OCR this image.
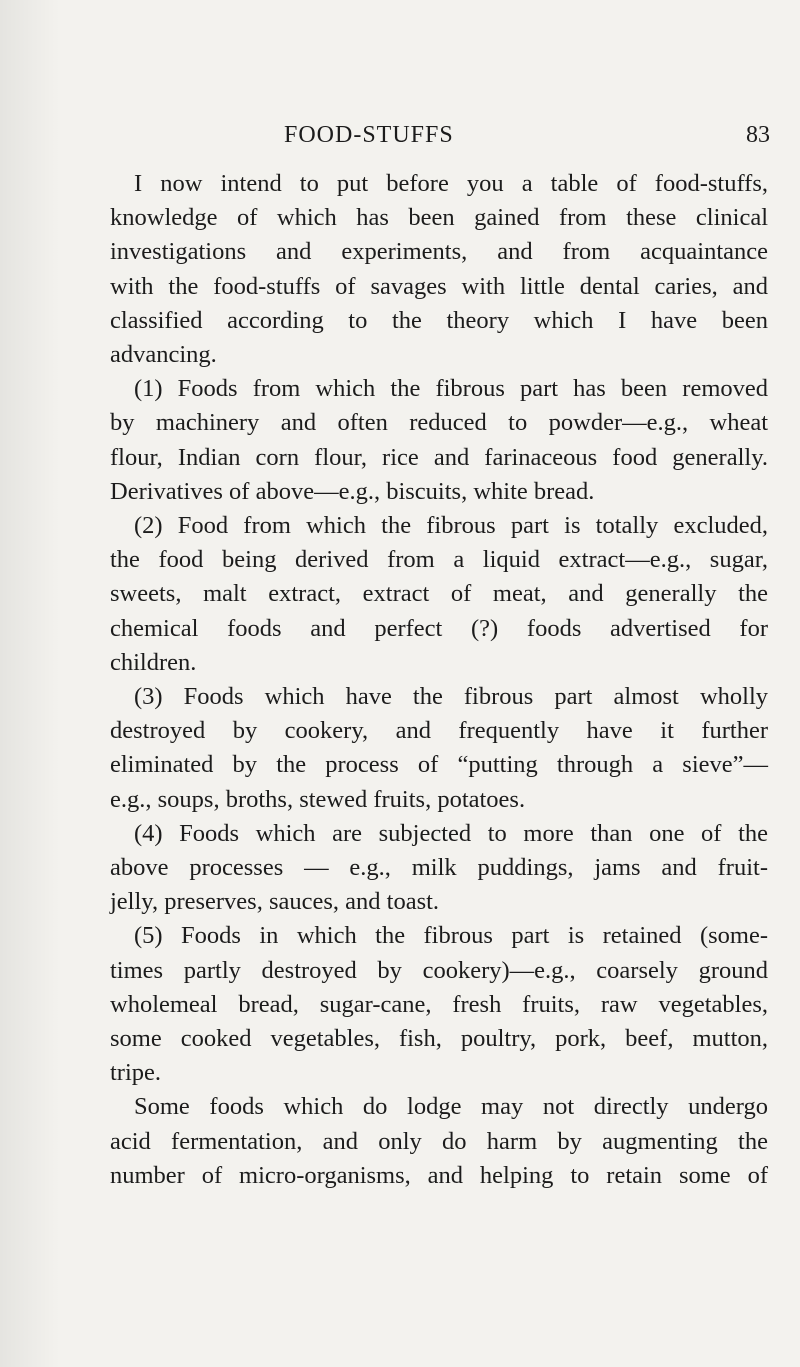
FOOD-STUFFS	83
I now intend to put before you a table of food-stuffs,
knowledge of which has been gained from these clinical
investigations and experiments, and from acquaintance
with the food-stuffs of savages with little dental caries, and
classified according to the theory which I have been
advancing.
(1) Foods from which the fibrous part has been removed
by machinery and often reduced to powder—e.g., wheat
flour, Indian corn flour, rice and farinaceous food generally.
Derivatives of above—e.g., biscuits, white bread.
(2) Food from which the fibrous part is totally excluded,
the food being derived from a liquid extract—e.g., sugar,
sweets, malt extract, extract of meat, and generally the
chemical foods and perfect (?) foods advertised for
children.
(3) Foods which have the fibrous part almost wholly
destroyed by cookery, and frequently have it further
eliminated by the process of “putting through a sieve”—
e.g., soups, broths, stewed fruits, potatoes.
(4) Foods which are subjected to more than one of the
above processes — e.g., milk puddings, jams and fruit-
jelly, preserves, sauces, and toast.
(5) Foods in which the fibrous part is retained (some-
times partly destroyed by cookery)—e.g., coarsely ground
wholemeal bread, sugar-cane, fresh fruits, raw vegetables,
some cooked vegetables, fish, poultry, pork, beef, mutton,
tripe.
Some foods which do lodge may not directly undergo
acid fermentation, and only do harm by augmenting the
number of micro-organisms, and helping to retain some of
